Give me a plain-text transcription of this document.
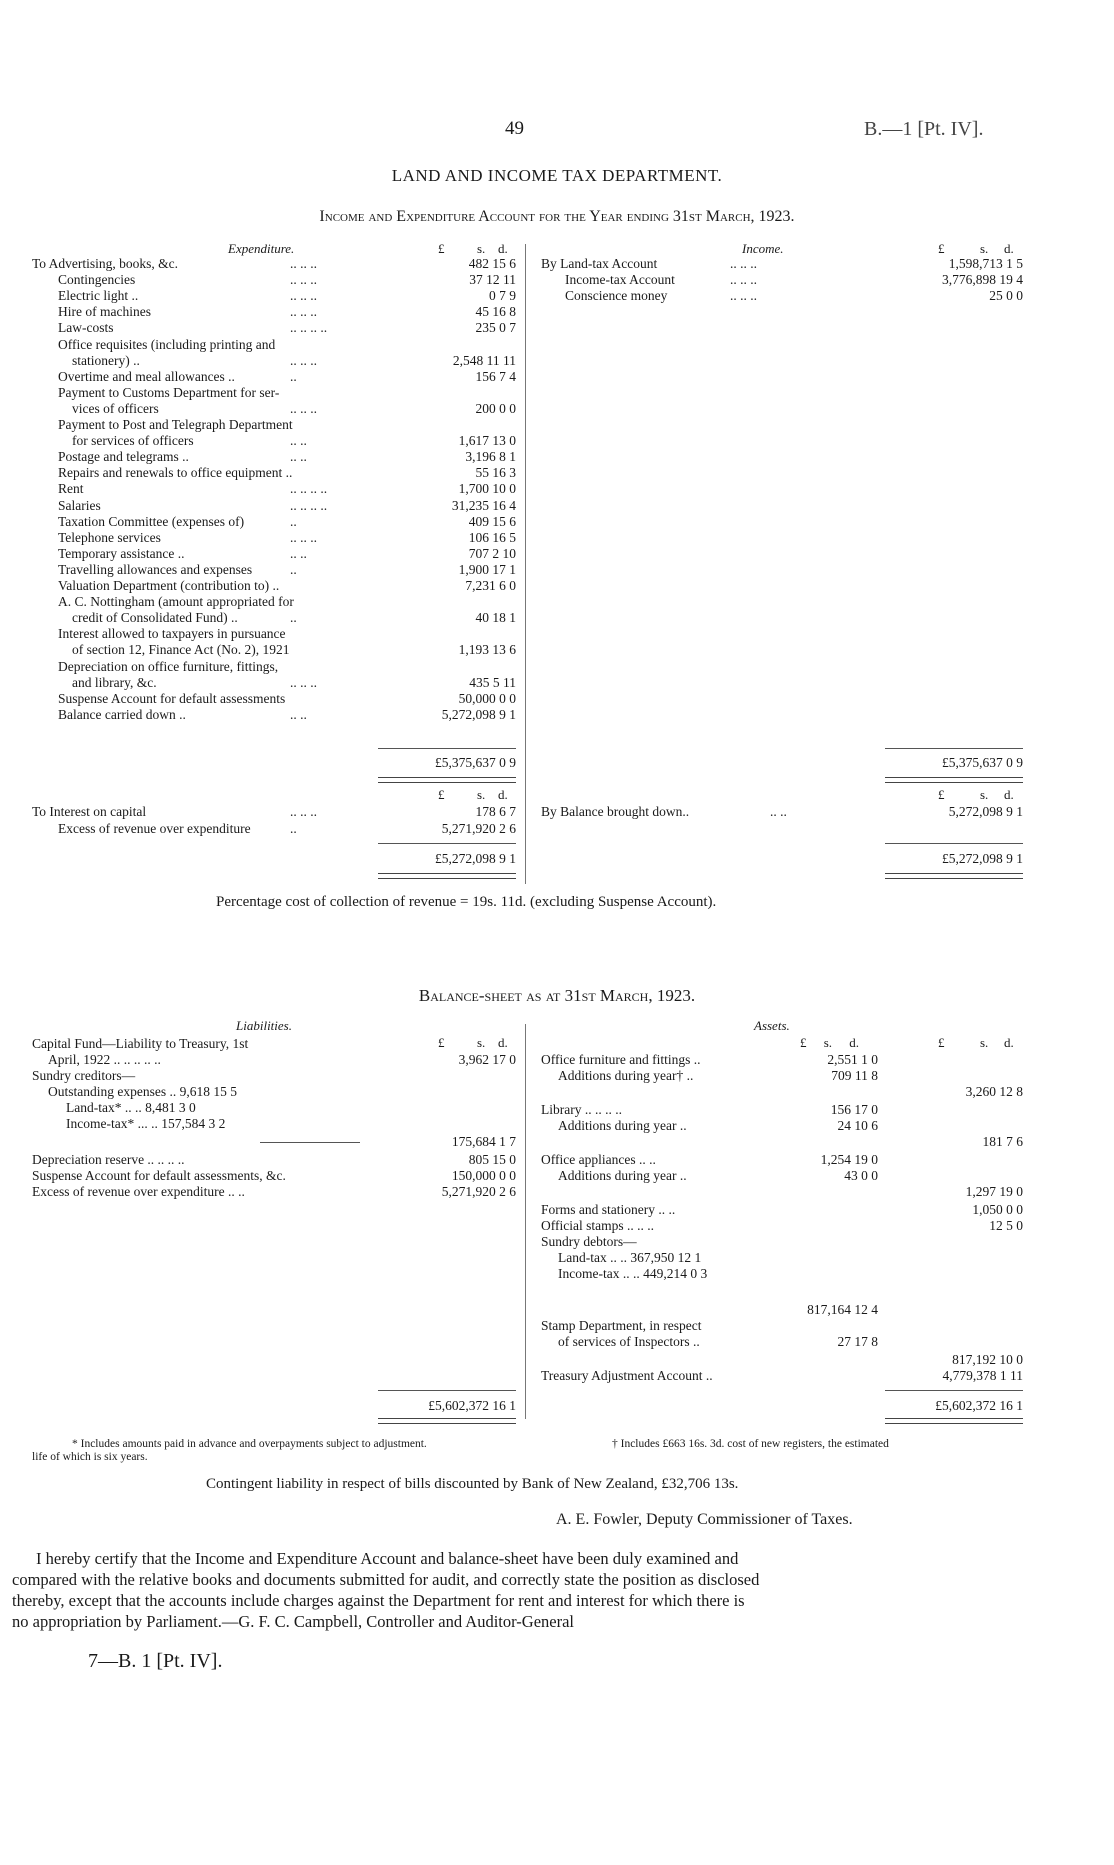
49	B.—1 [Pt. IV].
LAND AND INCOME TAX DEPARTMENT.
Income and Expenditure Account for the Year ending 31st March, 1923.
Expenditure.	£	s. d.	Income.	£	s. d.
To Advertising, books, &c.	.. .. ..	482 15 6
Contingencies	.. .. ..	37 12 11
Electric light ..	.. .. ..	0 7 9
Hire of machines	.. .. ..	45 16 8
Law-costs	.. .. .. ..	235 0 7
Office requisites (including printing and
stationery) ..	.. .. ..	2,548 11 11
Overtime and meal allowances ..	..	156 7 4
Payment to Customs Department for ser-
vices of officers	.. .. ..	200 0 0
Payment to Post and Telegraph Department
for services of officers	.. ..	1,617 13 0
Postage and telegrams ..	.. ..	3,196 8 1
Repairs and renewals to office equipment ..	55 16 3
Rent	.. .. .. ..	1,700 10 0
Salaries	.. .. .. ..	31,235 16 4
Taxation Committee (expenses of)	..	409 15 6
Telephone services	.. .. ..	106 16 5
Temporary assistance ..	.. ..	707 2 10
Travelling allowances and expenses	..	1,900 17 1
Valuation Department (contribution to) ..	7,231 6 0
A. C. Nottingham (amount appropriated for
credit of Consolidated Fund) ..	..	40 18 1
Interest allowed to taxpayers in pursuance
of section 12, Finance Act (No. 2), 1921	1,193 13 6
Depreciation on office furniture, fittings,
and library, &c.	.. .. ..	435 5 11
Suspense Account for default assessments	50,000 0 0
Balance carried down ..	.. ..	5,272,098 9 1
By Land-tax Account	.. .. ..	1,598,713 1 5
Income-tax Account	.. .. ..	3,776,898 19 4
Conscience money	.. .. ..	25 0 0
£5,375,637 0 9	£5,375,637 0 9
£	s. d.	£	s. d.
To Interest on capital	.. .. ..	178 6 7
Excess of revenue over expenditure	..	5,271,920 2 6
By Balance brought down..	.. ..	5,272,098 9 1
£5,272,098 9 1	£5,272,098 9 1
Percentage cost of collection of revenue = 19s. 11d. (excluding Suspense Account).
Balance-sheet as at 31st March, 1923.
Liabilities.
£	s. d.
Assets.
£ s. d.	£	s. d.
Capital Fund—Liability to Treasury, 1st
April, 1922 .. .. .. .. ..	3,962 17 0
Sundry creditors—
Outstanding expenses .. 9,618 15 5
Land-tax* .. .. 8,481 3 0
Income-tax* ... .. 157,584 3 2
175,684 1 7
Depreciation reserve .. .. .. ..	805 15 0
Suspense Account for default assessments, &c.	150,000 0 0
Excess of revenue over expenditure .. ..	5,271,920 2 6
Office furniture and fittings ..	2,551 1 0
Additions during year† ..	709 11 8
3,260 12 8
Library .. .. .. ..	156 17 0
Additions during year ..	24 10 6
181 7 6
Office appliances .. ..	1,254 19 0
Additions during year ..	43 0 0
1,297 19 0
Forms and stationery .. ..	1,050 0 0
Official stamps .. .. ..	12 5 0
Sundry debtors—
Land-tax .. .. 367,950 12 1
Income-tax .. .. 449,214 0 3
817,164 12 4
Stamp Department, in respect
of services of Inspectors ..	27 17 8
817,192 10 0
Treasury Adjustment Account ..	4,779,378 1 11
£5,602,372 16 1	£5,602,372 16 1
* Includes amounts paid in advance and overpayments subject to adjustment.	† Includes £663 16s. 3d. cost of new registers, the estimated
life of which is six years.
Contingent liability in respect of bills discounted by Bank of New Zealand, £32,706 13s.
A. E. Fowler, Deputy Commissioner of Taxes.
I hereby certify that the Income and Expenditure Account and balance-sheet have been duly examined and
compared with the relative books and documents submitted for audit, and correctly state the position as disclosed
thereby, except that the accounts include charges against the Department for rent and interest for which there is
no appropriation by Parliament.—G. F. C. Campbell, Controller and Auditor-General
7—B. 1 [Pt. IV].
